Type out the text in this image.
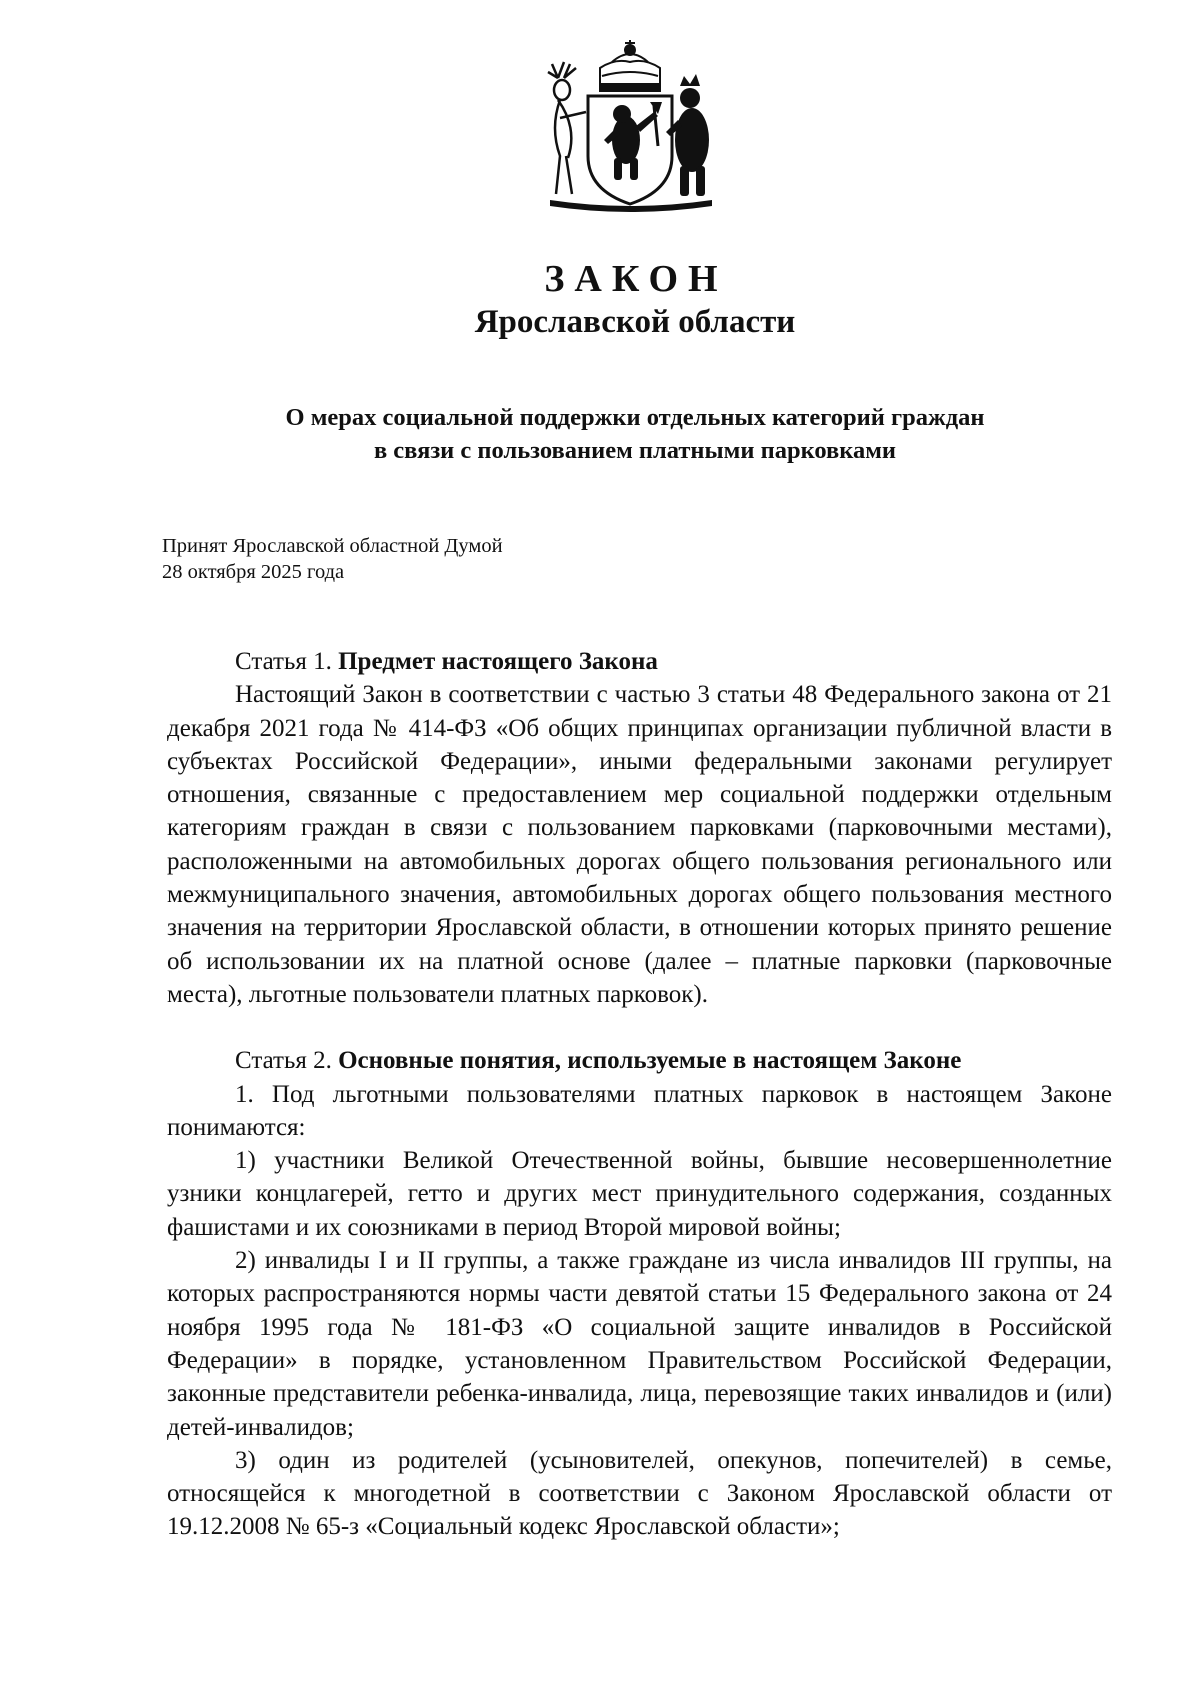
ЗАКОН
Ярославской области
О мерах социальной поддержки отдельных категорий граждан
в связи с пользованием платными парковками
Принят Ярославской областной Думой
28 октября 2025 года

Статья 1. Предмет настоящего Закона

Настоящий Закон в соответствии с частью 3 статьи 48 Федерального закона от 21 декабря 2021 года № 414-ФЗ «Об общих принципах организации публичной власти в субъектах Российской Федерации», иными федеральными законами регулирует отношения, связанные с предоставлением мер социальной поддержки отдельным категориям граждан в связи с пользованием парковками (парковочными местами), расположенными на автомобильных дорогах общего пользования регионального или межмуниципального значения, автомобильных дорогах общего пользования местного значения на территории Ярославской области, в отношении которых принято решение об использовании их на платной основе (далее – платные парковки (парковочные места), льготные пользователи платных парковок).

Статья 2. Основные понятия, используемые в настоящем Законе

1. Под льготными пользователями платных парковок в настоящем Законе понимаются:

1) участники Великой Отечественной войны, бывшие несовершеннолетние узники концлагерей, гетто и других мест принудительного содержания, созданных фашистами и их союзниками в период Второй мировой войны;

2) инвалиды I и II группы, а также граждане из числа инвалидов III группы, на которых распространяются нормы части девятой статьи 15 Федерального закона от 24 ноября 1995 года № 181-ФЗ «О социальной защите инвалидов в Российской Федерации» в порядке, установленном Правительством Российской Федерации, законные представители ребенка-инвалида, лица, перевозящие таких инвалидов и (или) детей-инвалидов;

3) один из родителей (усыновителей, опекунов, попечителей) в семье, относящейся к многодетной в соответствии с Законом Ярославской области от 19.12.2008 № 65-з «Социальный кодекс Ярославской области»;
